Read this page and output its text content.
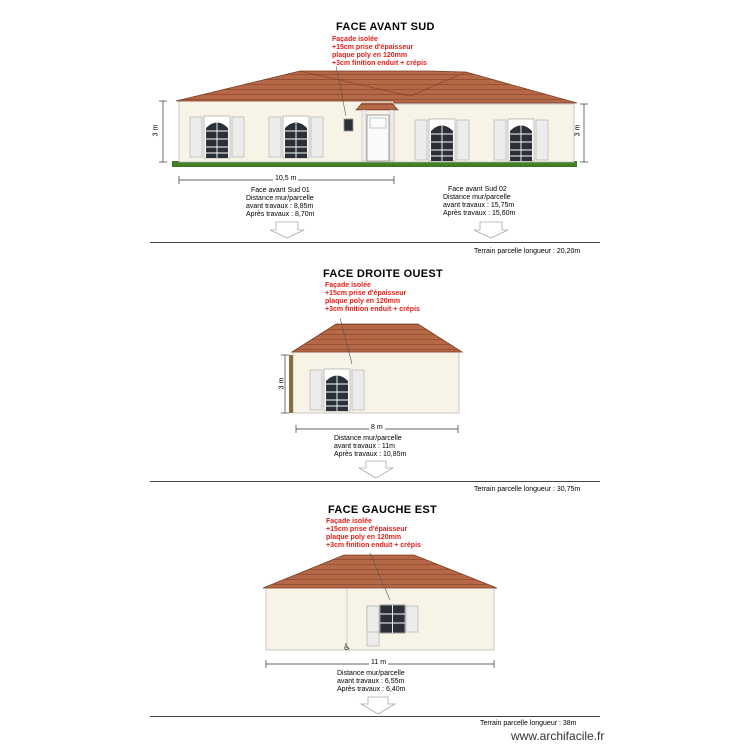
♿
FACE AVANT SUD
Façade isolée
+15cm prise d'épaisseur
plaque poly en 120mm
+3cm finition enduit + crépis
3 m	3 m
10,5 m
Face avant Sud 01
Distance mur/parcelle
avant travaux : 8,85m
Après travaux : 8,70m
Face avant Sud 02
Distance mur/parcelle
avant travaux : 15,75m
Après travaux : 15,60m
Terrain parcelle longueur : 20,20m
FACE DROITE OUEST
Façade isolée
+15cm prise d'épaisseur
plaque poly en 120mm
+3cm finition enduit + crépis
3 m
8 m
Distance mur/parcelle
avant travaux : 11m
Après travaux : 10,85m
Terrain parcelle longueur : 30,75m
FACE GAUCHE EST
Façade isolée
+15cm prise d'épaisseur
plaque poly en 120mm
+3cm finition enduit + crépis
11 m
Distance mur/parcelle
avant travaux : 6,55m
Après travaux : 6,40m
Terrain parcelle longueur : 38m
www.archifacile.fr
